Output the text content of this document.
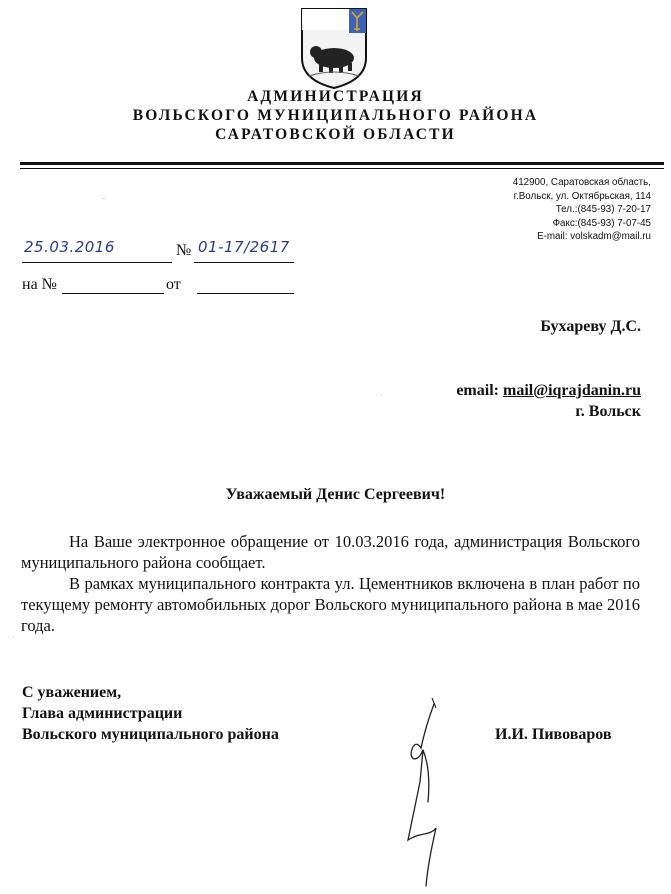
АДМИНИСТРАЦИЯ
ВОЛЬСКОГО МУНИЦИПАЛЬНОГО РАЙОНА
САРАТОВСКОЙ ОБЛАСТИ
412900, Саратовская область,
г.Вольск, ул. Октябрьская, 114
Тел.:(845-93) 7-20-17
Факс:(845-93) 7-07-45
E-mail: volskadm@mail.ru
∙·
·
·
25.03.2016	№ 01-17/2617
на №	от
Бухареву Д.С.
email: mail@iqrajdanin.ru
г. Вольск
Уважаемый Денис Сергеевич!

На Ваше электронное обращение от 10.03.2016 года, администрация Вольского муниципального района сообщает.

В рамках муниципального контракта ул. Цементников включена в план работ по текущему ремонту автомобильных дорог Вольского муниципального района в мае 2016 года.

С уважением,
Глава администрации
Вольского муниципального района	И.И. Пивоваров
